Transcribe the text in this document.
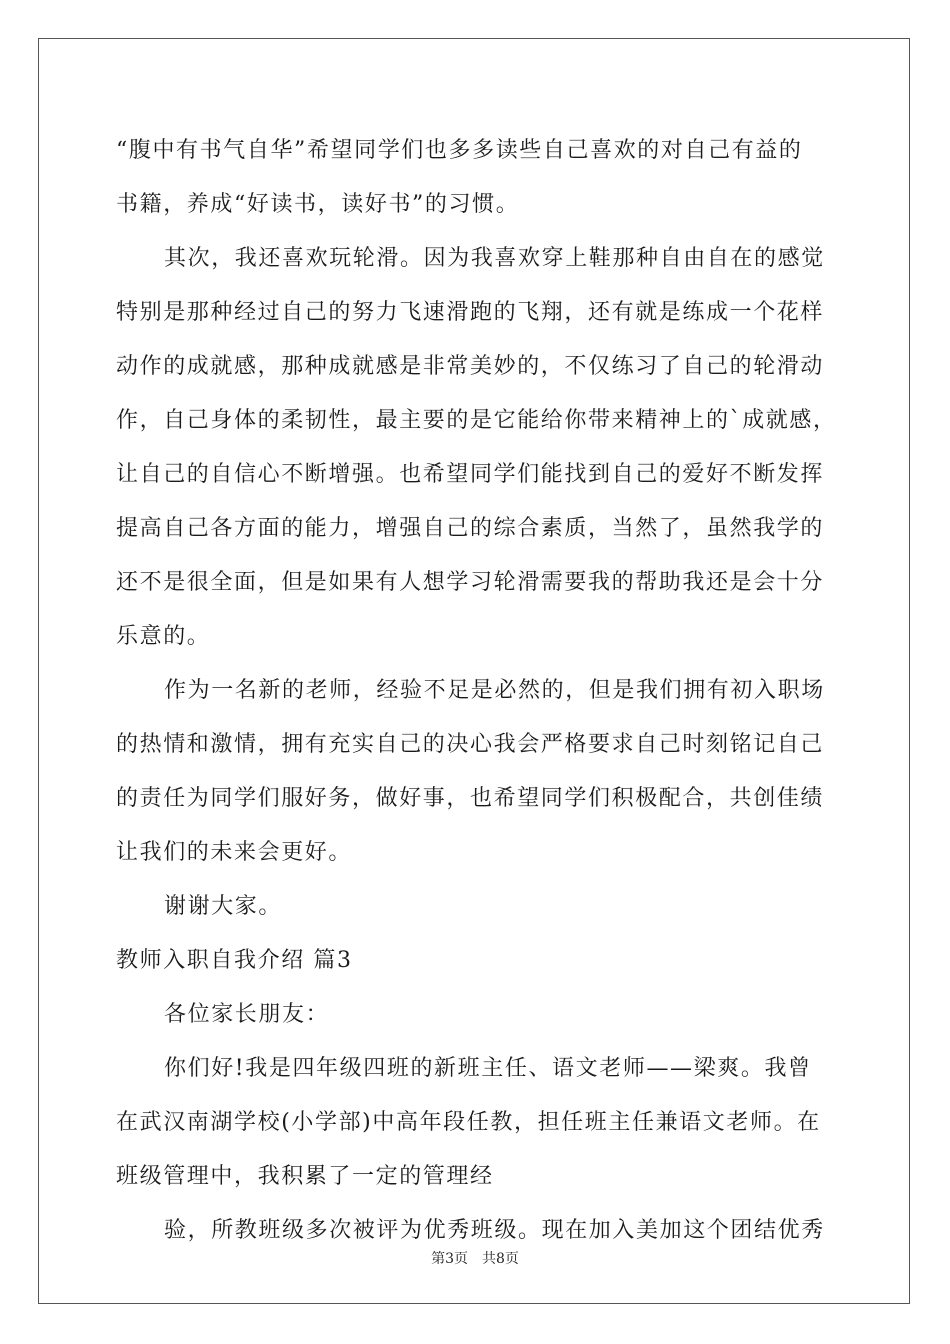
“腹中有书气自华”希望同学们也多多读些自己喜欢的对自己有益的
书籍，养成“好读书，读好书”的习惯。
其次，我还喜欢玩轮滑。因为我喜欢穿上鞋那种自由自在的感觉
特别是那种经过自己的努力飞速滑跑的飞翔，还有就是练成一个花样
动作的成就感，那种成就感是非常美妙的，不仅练习了自己的轮滑动
作，自己身体的柔韧性，最主要的是它能给你带来精神上的`成就感，
让自己的自信心不断增强。也希望同学们能找到自己的爱好不断发挥
提高自己各方面的能力，增强自己的综合素质，当然了，虽然我学的
还不是很全面，但是如果有人想学习轮滑需要我的帮助我还是会十分
乐意的。
作为一名新的老师，经验不足是必然的，但是我们拥有初入职场
的热情和激情，拥有充实自己的决心我会严格要求自己时刻铭记自己
的责任为同学们服好务，做好事，也希望同学们积极配合，共创佳绩
让我们的未来会更好。
谢谢大家。
教师入职自我介绍 篇3
各位家长朋友：
你们好!我是四年级四班的新班主任、语文老师——梁爽。我曾
在武汉南湖学校(小学部)中高年段任教，担任班主任兼语文老师。在
班级管理中，我积累了一定的管理经
验，所教班级多次被评为优秀班级。现在加入美加这个团结优秀
第3页　共8页
